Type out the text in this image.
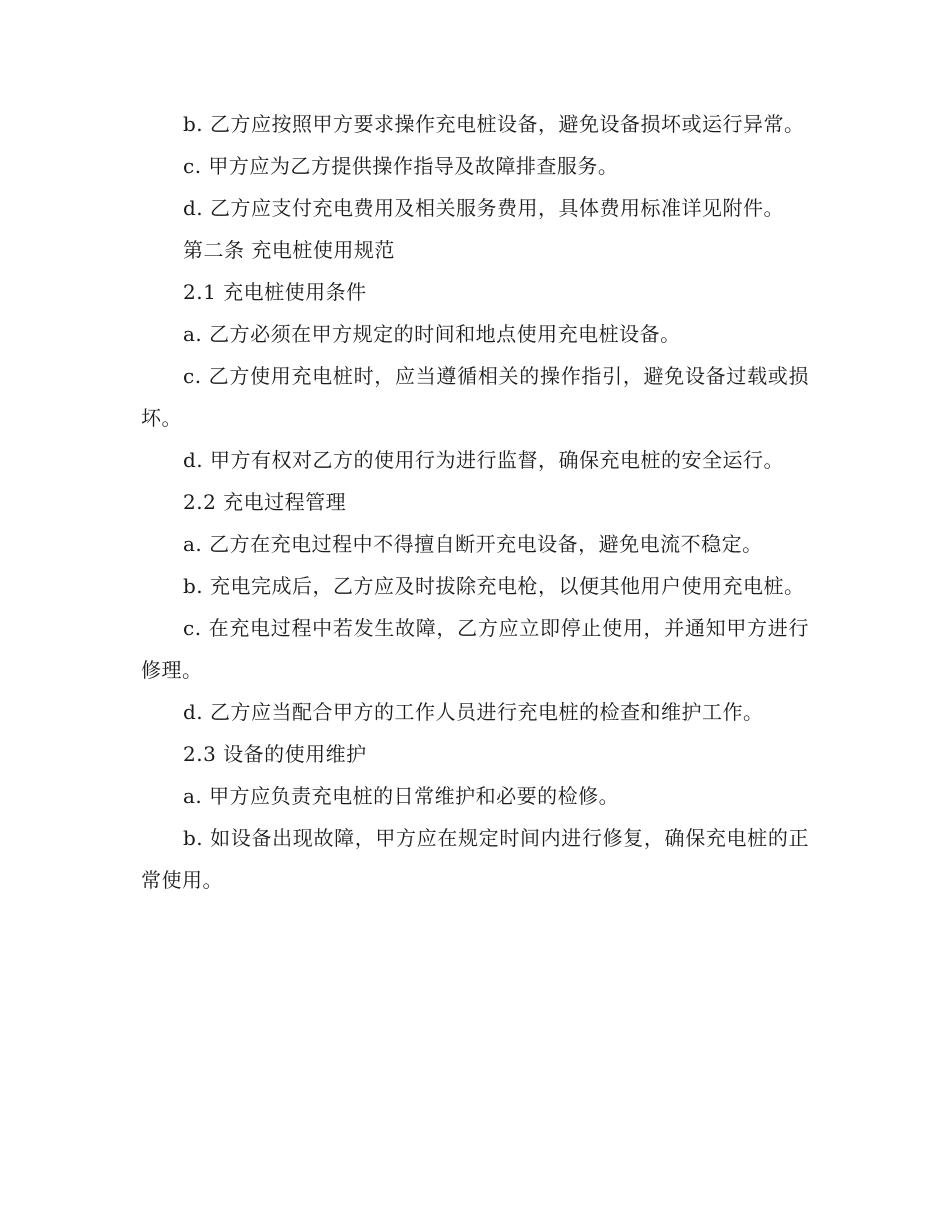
b. 乙方应按照甲方要求操作充电桩设备，避免设备损坏或运行异常。

c. 甲方应为乙方提供操作指导及故障排查服务。

d. 乙方应支付充电费用及相关服务费用，具体费用标准详见附件。

第二条 充电桩使用规范

2.1 充电桩使用条件

a. 乙方必须在甲方规定的时间和地点使用充电桩设备。

c. 乙方使用充电桩时，应当遵循相关的操作指引，避免设备过载或损坏。

d. 甲方有权对乙方的使用行为进行监督，确保充电桩的安全运行。

2.2 充电过程管理

a. 乙方在充电过程中不得擅自断开充电设备，避免电流不稳定。

b. 充电完成后，乙方应及时拔除充电枪，以便其他用户使用充电桩。

c. 在充电过程中若发生故障，乙方应立即停止使用，并通知甲方进行修理。

d. 乙方应当配合甲方的工作人员进行充电桩的检查和维护工作。

2.3 设备的使用维护

a. 甲方应负责充电桩的日常维护和必要的检修。

b. 如设备出现故障，甲方应在规定时间内进行修复，确保充电桩的正常使用。
